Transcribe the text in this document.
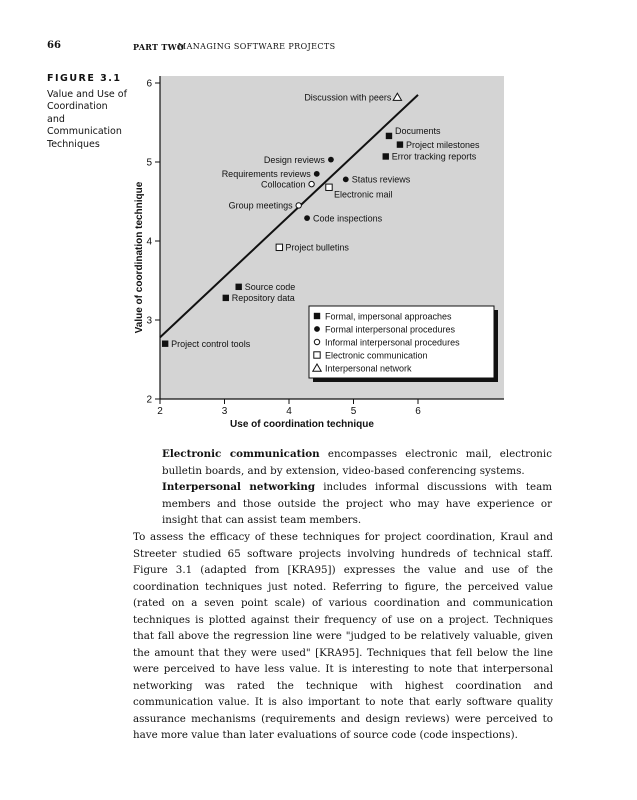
66	PART TWO
MANAGING SOFTWARE PROJECTS
FIGURE 3.1
Value and Use of Coordination and Communication Techniques
2
3
4
5
6
2	3	4	5	6
Use of coordination technique
Value of coordination technique
Discussion with peers
Documents
Project milestones
Error tracking reports
Design reviews
Requirements reviews
Status reviews
Collocation
Electronic mail
Group meetings
Code inspections
Project bulletins
Source code
Repository data
Project control tools
Formal, impersonal approaches
Formal interpersonal procedures
Informal interpersonal procedures
Electronic communication
Interpersonal network
Electronic communication encompasses electronic mail, electronic bulletin boards, and by extension, video-based conferencing systems.
Interpersonal networking includes informal discussions with team members and those outside the project who may have experience or insight that can assist team members.
To assess the efficacy of these techniques for project coordination, Kraul and Streeter studied 65 software projects involving hundreds of technical staff. Figure 3.1 (adapted from [KRA95]) expresses the value and use of the coordination techniques just noted. Referring to figure, the perceived value (rated on a seven point scale) of various coordination and communication techniques is plotted against their frequency of use on a project. Techniques that fall above the regression line were "judged to be relatively valuable, given the amount that they were used" [KRA95]. Techniques that fell below the line were perceived to have less value. It is interesting to note that interpersonal networking was rated the technique with highest coordination and communication value. It is also important to note that early software quality assurance mechanisms (requirements and design reviews) were perceived to have more value than later evaluations of source code (code inspections).
